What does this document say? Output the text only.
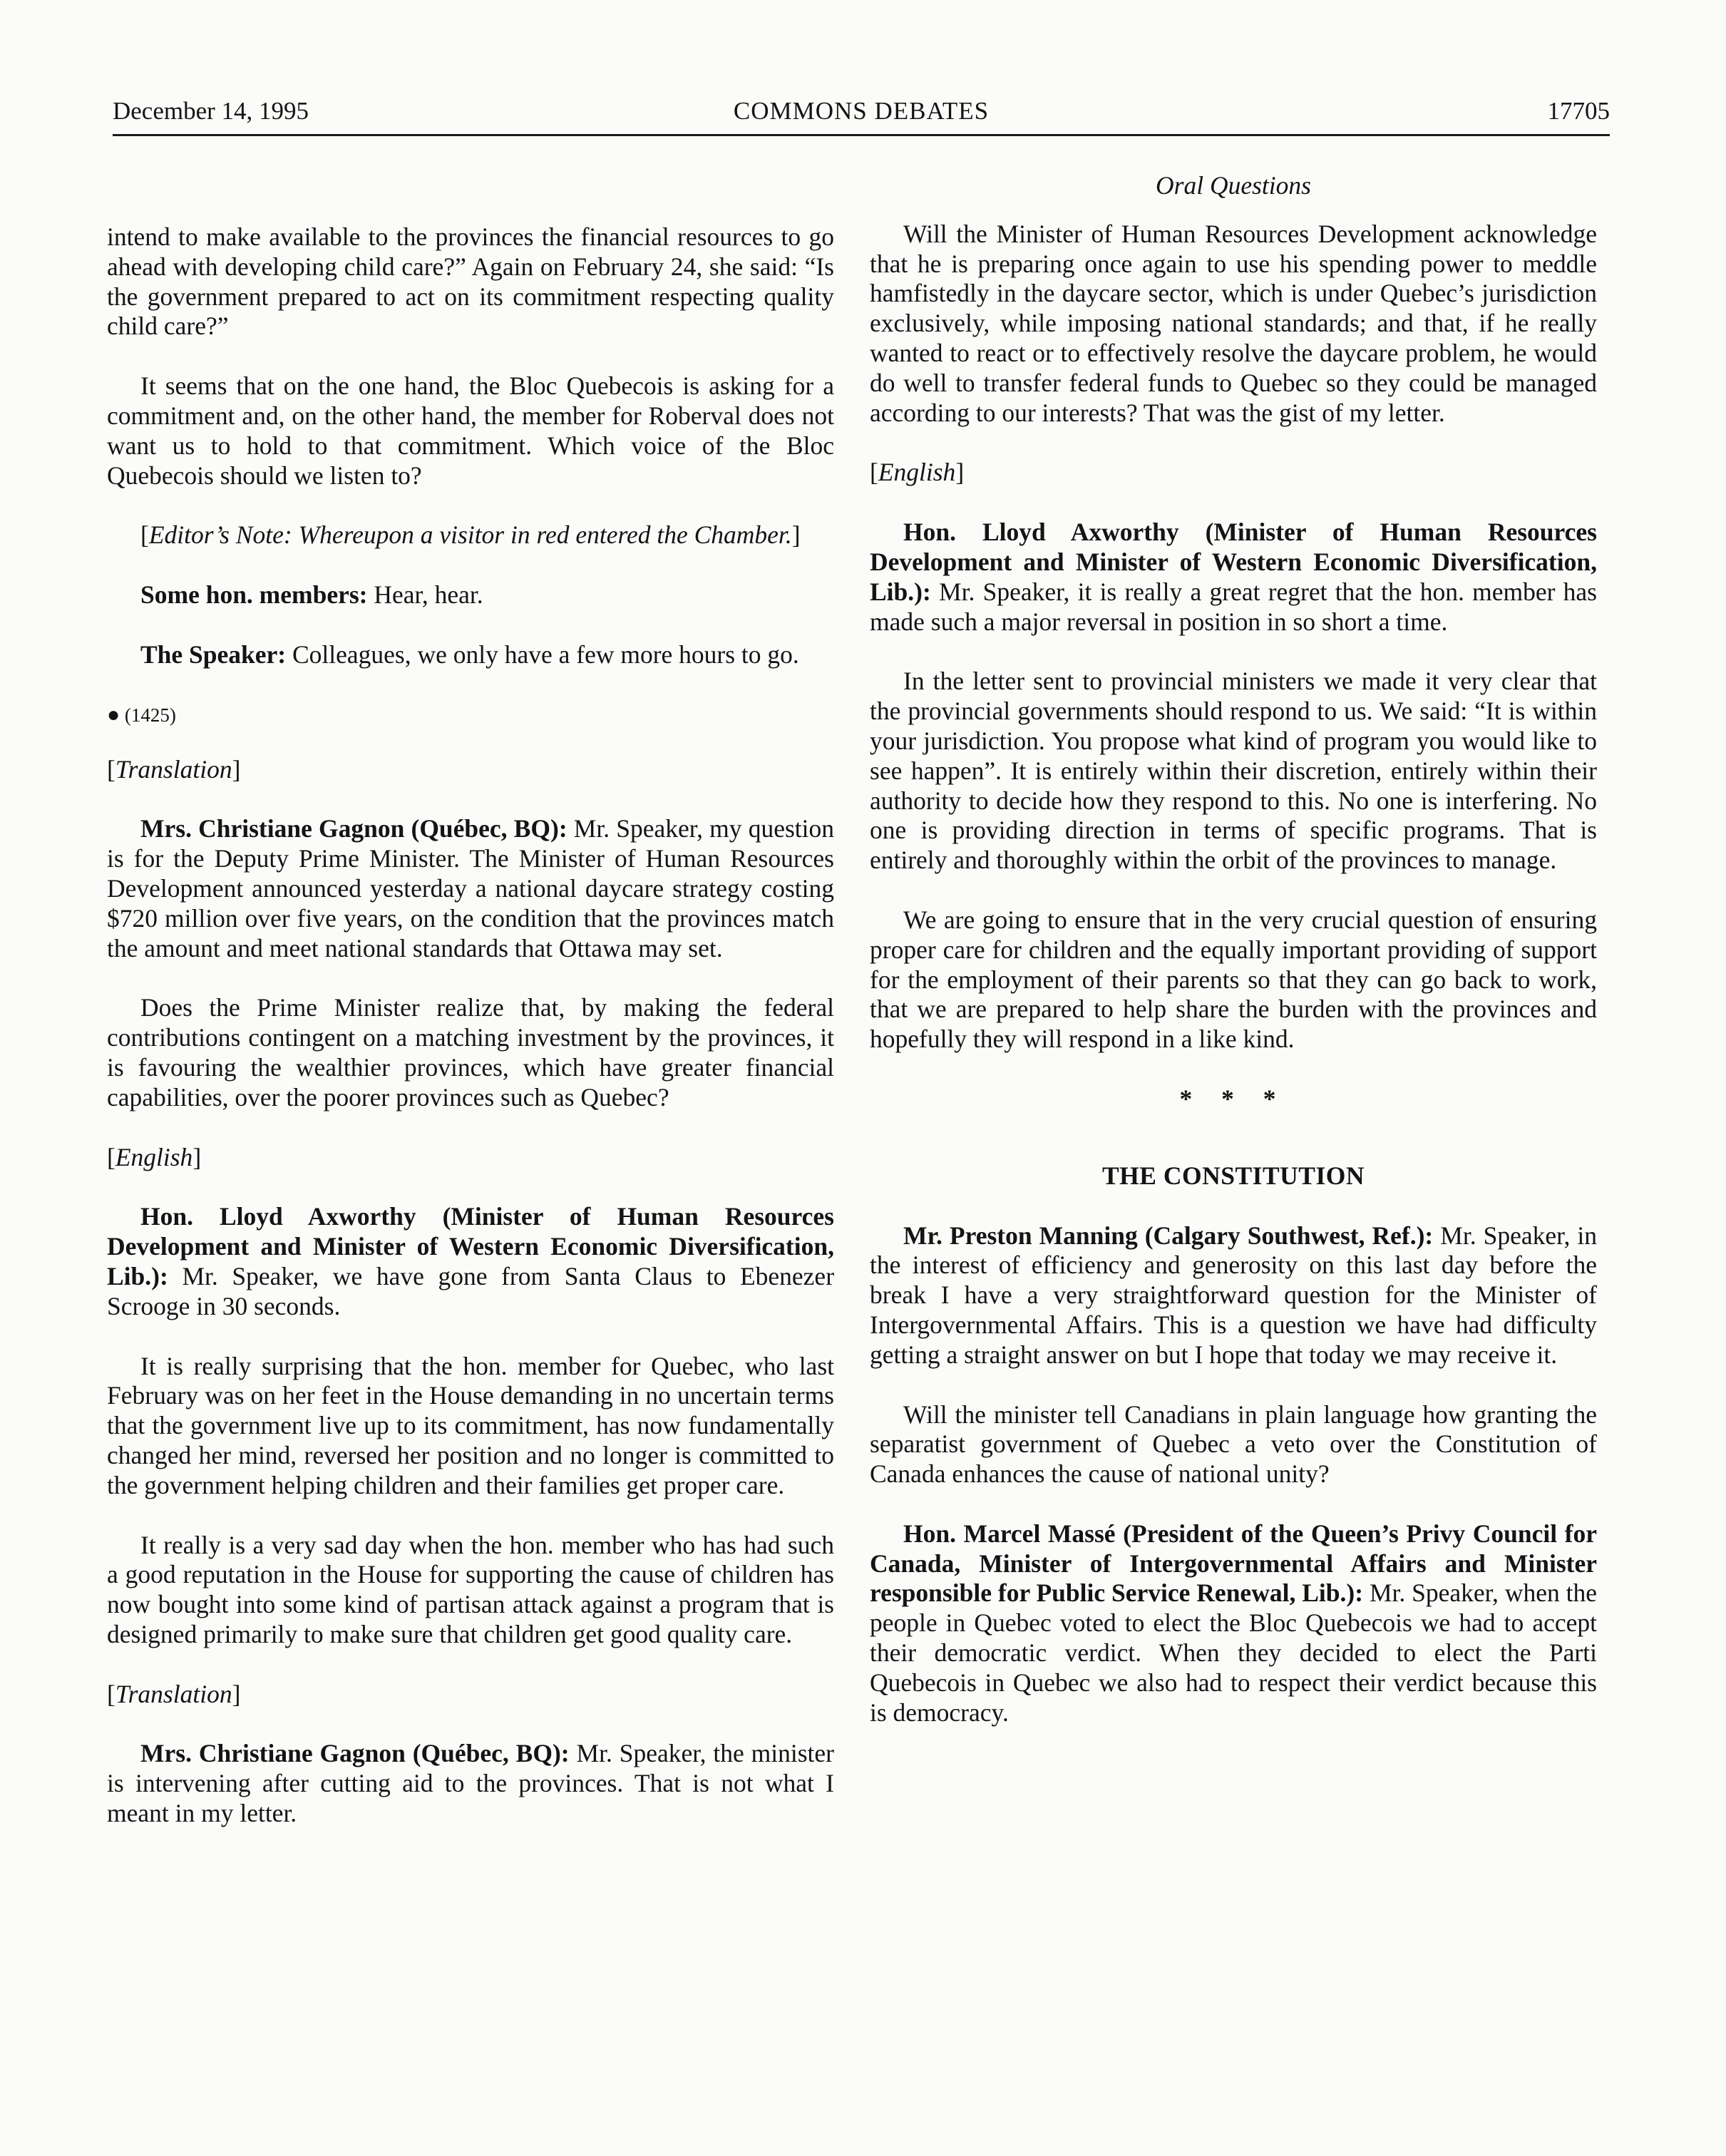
December 14, 1995	COMMONS DEBATES	17705

intend to make available to the provinces the financial resources to go ahead with developing child care?” Again on February 24, she said: “Is the government prepared to act on its commitment respecting quality child care?”

It seems that on the one hand, the Bloc Quebecois is asking for a commitment and, on the other hand, the member for Roberval does not want us to hold to that commitment. Which voice of the Bloc Quebecois should we listen to?

[Editor’s Note: Whereupon a visitor in red entered the Chamber.]

Some hon. members: Hear, hear.

The Speaker: Colleagues, we only have a few more hours to go.

● (1425)
[Translation]

Mrs. Christiane Gagnon (Québec, BQ): Mr. Speaker, my question is for the Deputy Prime Minister. The Minister of Human Resources Development announced yesterday a national daycare strategy costing $720 million over five years, on the condition that the provinces match the amount and meet national standards that Ottawa may set.

Does the Prime Minister realize that, by making the federal contributions contingent on a matching investment by the provinces, it is favouring the wealthier provinces, which have greater financial capabilities, over the poorer provinces such as Quebec?

[English]

Hon. Lloyd Axworthy (Minister of Human Resources Development and Minister of Western Economic Diversification, Lib.): Mr. Speaker, we have gone from Santa Claus to Ebenezer Scrooge in 30 seconds.

It is really surprising that the hon. member for Quebec, who last February was on her feet in the House demanding in no uncertain terms that the government live up to its commitment, has now fundamentally changed her mind, reversed her position and no longer is committed to the government helping children and their families get proper care.

It really is a very sad day when the hon. member who has had such a good reputation in the House for supporting the cause of children has now bought into some kind of partisan attack against a program that is designed primarily to make sure that children get good quality care.

[Translation]

Mrs. Christiane Gagnon (Québec, BQ): Mr. Speaker, the minister is intervening after cutting aid to the provinces. That is not what I meant in my letter.

Oral Questions

Will the Minister of Human Resources Development acknowledge that he is preparing once again to use his spending power to meddle hamfistedly in the daycare sector, which is under Quebec’s jurisdiction exclusively, while imposing national standards; and that, if he really wanted to react or to effectively resolve the daycare problem, he would do well to transfer federal funds to Quebec so they could be managed according to our interests? That was the gist of my letter.

[English]

Hon. Lloyd Axworthy (Minister of Human Resources Development and Minister of Western Economic Diversification, Lib.): Mr. Speaker, it is really a great regret that the hon. member has made such a major reversal in position in so short a time.

In the letter sent to provincial ministers we made it very clear that the provincial governments should respond to us. We said: “It is within your jurisdiction. You propose what kind of program you would like to see happen”. It is entirely within their discretion, entirely within their authority to decide how they respond to this. No one is interfering. No one is providing direction in terms of specific programs. That is entirely and thoroughly within the orbit of the provinces to manage.

We are going to ensure that in the very crucial question of ensuring proper care for children and the equally important providing of support for the employment of their parents so that they can go back to work, that we are prepared to help share the burden with the provinces and hopefully they will respond in a like kind.

* * *
THE CONSTITUTION

Mr. Preston Manning (Calgary Southwest, Ref.): Mr. Speaker, in the interest of efficiency and generosity on this last day before the break I have a very straightforward question for the Minister of Intergovernmental Affairs. This is a question we have had difficulty getting a straight answer on but I hope that today we may receive it.

Will the minister tell Canadians in plain language how granting the separatist government of Quebec a veto over the Constitution of Canada enhances the cause of national unity?

Hon. Marcel Massé (President of the Queen’s Privy Council for Canada, Minister of Intergovernmental Affairs and Minister responsible for Public Service Renewal, Lib.): Mr. Speaker, when the people in Quebec voted to elect the Bloc Quebecois we had to accept their democratic verdict. When they decided to elect the Parti Quebecois in Quebec we also had to respect their verdict because this is democracy.
